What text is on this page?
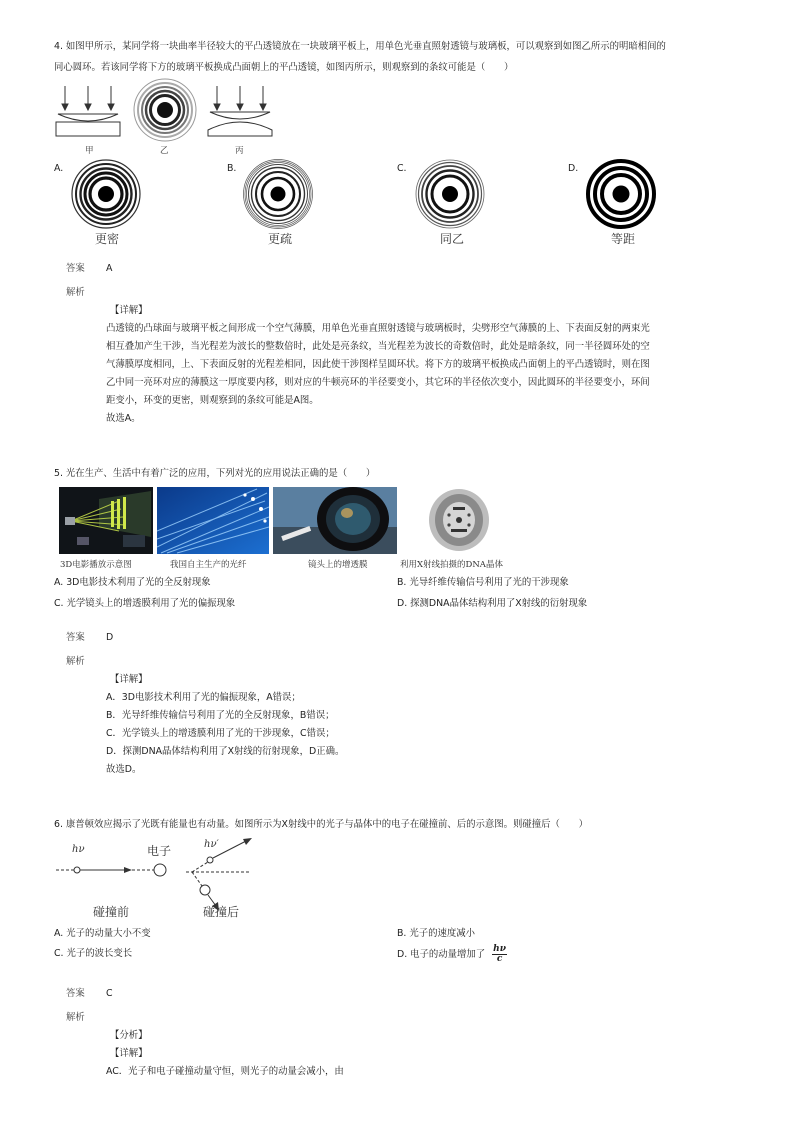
4. 如图甲所示，某同学将一块曲率半径较大的平凸透镜放在一块玻璃平板上，用单色光垂直照射透镜与玻璃板，可以观察到如图乙所示的明暗相间的
同心圆环。若该同学将下方的玻璃平板换成凸面朝上的平凸透镜，如图丙所示，则观察到的条纹可能是（　　）
甲	乙	丙
A.
更密
B.
更疏
C.
同乙
D.
等距
答案 A
解析
【详解】
凸透镜的凸球面与玻璃平板之间形成一个空气薄膜，用单色光垂直照射透镜与玻璃板时，尖劈形空气薄膜的上、下表面反射的两束光
相互叠加产生干涉，当光程差为波长的整数倍时，此处是亮条纹，当光程差为波长的奇数倍时，此处是暗条纹，同一半径圆环处的空
气薄膜厚度相同，上、下表面反射的光程差相同，因此使干涉图样呈圆环状。将下方的玻璃平板换成凸面朝上的平凸透镜时，则在图
乙中同一亮环对应的薄膜这一厚度要内移，则对应的牛顿亮环的半径要变小，其它环的半径依次变小，因此圆环的半径要变小，环间
距变小，环变的更密，则观察到的条纹可能是A图。
故选A。
5. 光在生产、生活中有着广泛的应用，下列对光的应用说法正确的是（　　）
3D电影播放示意图	我国自主生产的光纤	镜头上的增透膜	利用X射线拍摄的DNA晶体
A. 3D电影技术利用了光的全反射现象	B. 光导纤维传输信号利用了光的干涉现象
C. 光学镜头上的增透膜利用了光的偏振现象	D. 探测DNA晶体结构利用了X射线的衍射现象
答案 D
解析
【详解】
A．3D电影技术利用了光的偏振现象，A错误；
B．光导纤维传输信号利用了光的全反射现象，B错误；
C．光学镜头上的增透膜利用了光的干涉现象，C错误；
D．探测DNA晶体结构利用了X射线的衍射现象，D正确。
故选D。
6. 康普顿效应揭示了光既有能量也有动量。如图所示为X射线中的光子与晶体中的电子在碰撞前、后的示意图。则碰撞后（　　）
hν	电子	hν′
碰撞前	碰撞后
A. 光子的动量大小不变	B. 光子的速度减小
C. 光子的波长变长	D. 电子的动量增加了 $\frac{h\nu}{c}$
答案 C
解析
【分析】
【详解】
AC．光子和电子碰撞动量守恒，则光子的动量会减小，由
